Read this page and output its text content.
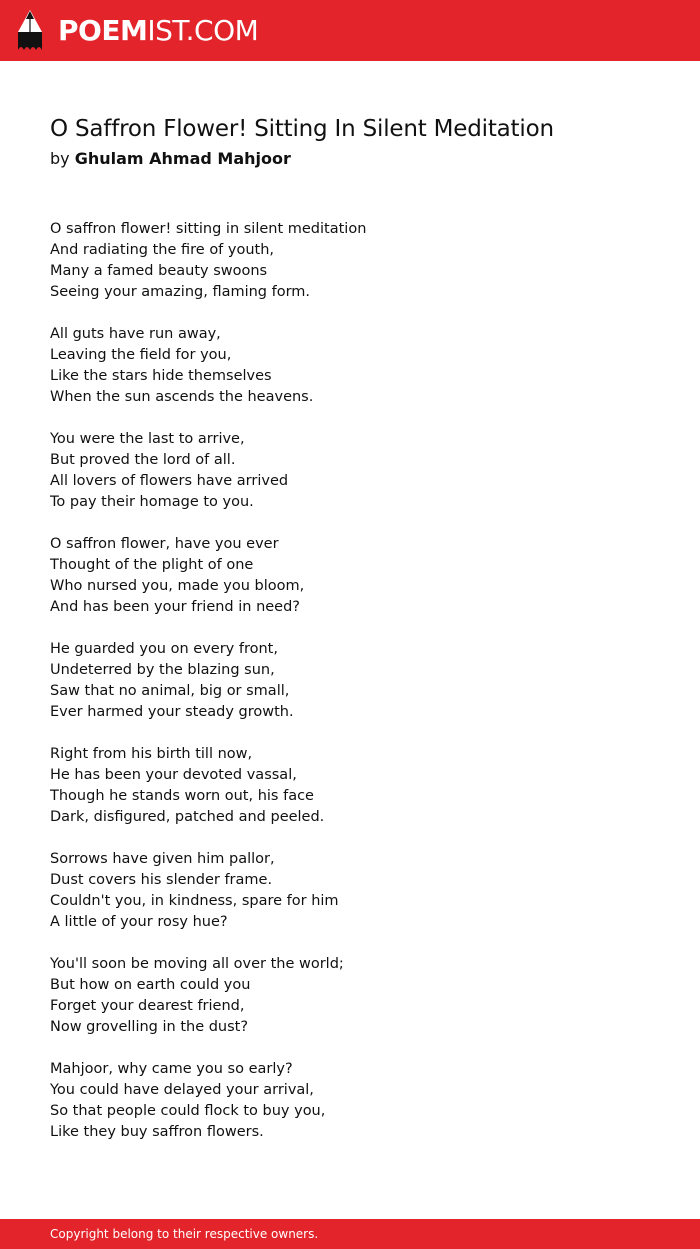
POEMIST.COM
O Saffron Flower! Sitting In Silent Meditation

by Ghulam Ahmad Mahjoor

O saffron flower! sitting in silent meditation
And radiating the fire of youth,
Many a famed beauty swoons
Seeing your amazing, flaming form.
All guts have run away,
Leaving the field for you,
Like the stars hide themselves
When the sun ascends the heavens.
You were the last to arrive,
But proved the lord of all.
All lovers of flowers have arrived
To pay their homage to you.
O saffron flower, have you ever
Thought of the plight of one
Who nursed you, made you bloom,
And has been your friend in need?
He guarded you on every front,
Undeterred by the blazing sun,
Saw that no animal, big or small,
Ever harmed your steady growth.
Right from his birth till now,
He has been your devoted vassal,
Though he stands worn out, his face
Dark, disfigured, patched and peeled.
Sorrows have given him pallor,
Dust covers his slender frame.
Couldn't you, in kindness, spare for him
A little of your rosy hue?
You'll soon be moving all over the world;
But how on earth could you
Forget your dearest friend,
Now grovelling in the dust?
Mahjoor, why came you so early?
You could have delayed your arrival,
So that people could flock to buy you,
Like they buy saffron flowers.
Copyright belong to their respective owners.
